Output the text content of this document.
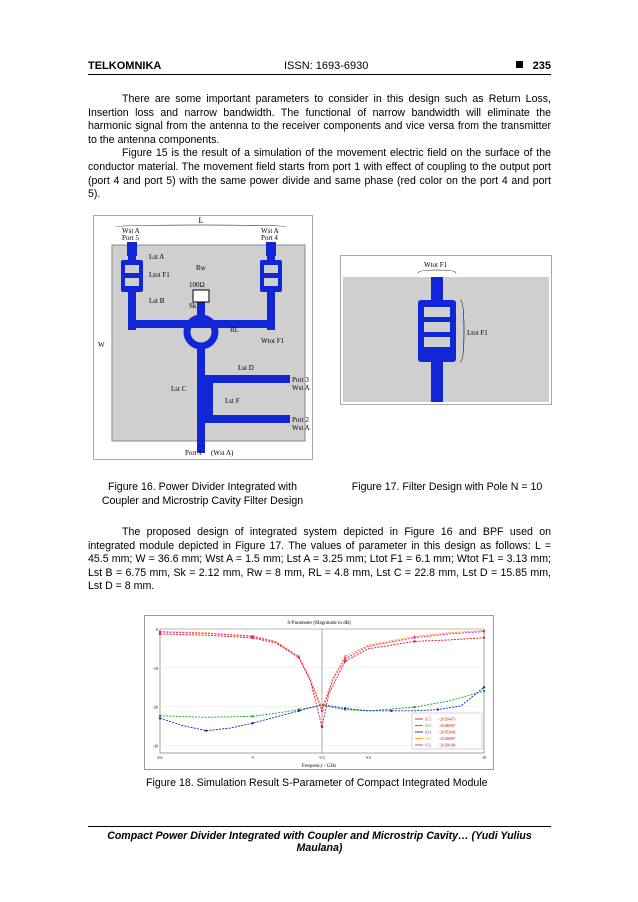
TELKOMNIKA	ISSN: 1693-6930	235

There are some important parameters to consider in this design such as Return Loss, Insertion loss and narrow bandwidth. The functional of narrow bandwidth will eliminate the harmonic signal from the antenna to the receiver components and vice versa from the transmitter to the antenna components.

Figure 15 is the result of a simulation of the movement electric field on the surface of the conductor material. The movement field starts from port 1 with effect of coupling to the output port (port 4 and port 5) with the same power divide and same phase (red color on the port 4 and port 5).

L
Wst A
Port 5
Wst A
Port 4
Lst A
Ltot F1
Lst B
Rw
100Ω
Sk
RL
Wtot F1
W
Lst D
Lst C
Port 3
Wst A
Lst F
Port 2
Wst A
Port 1 (Wst A)
Wtot F1
Ltot F1
Figure 16. Power Divider Integrated with
Coupler and Microstrip Cavity Filter Design
Figure 17. Filter Design with Pole N = 10

The proposed design of integrated system depicted in Figure 16 and BPF used on integrated module depicted in Figure 17. The values of parameter in this design as follows: L = 45.5 mm; W = 36.6 mm; Wst A = 1.5 mm; Lst A = 3.25 mm; Ltot F1 = 6.1 mm; Wtot F1 = 3.13 mm; Lst B = 6.75 mm, Sk = 2.12 mm, Rw = 8 mm, RL = 4.8 mm, Lst C = 22.8 mm, Lst D = 15.85 mm, Lst D = 8 mm.

S-Parameter (Magnitude in dB)
0
-10
-20
-30
8.6	9	9.3	9.5	10
S1,1 -29.204473
S2,1 -20.680907
S3,1 -20.952846
S4,1 -20.496807
S5,1 -20.930168
Frequency / GHz
Figure 18. Simulation Result S-Parameter of Compact Integrated Module
Compact Power Divider Integrated with Coupler and Microstrip Cavity… (Yudi Yulius Maulana)
